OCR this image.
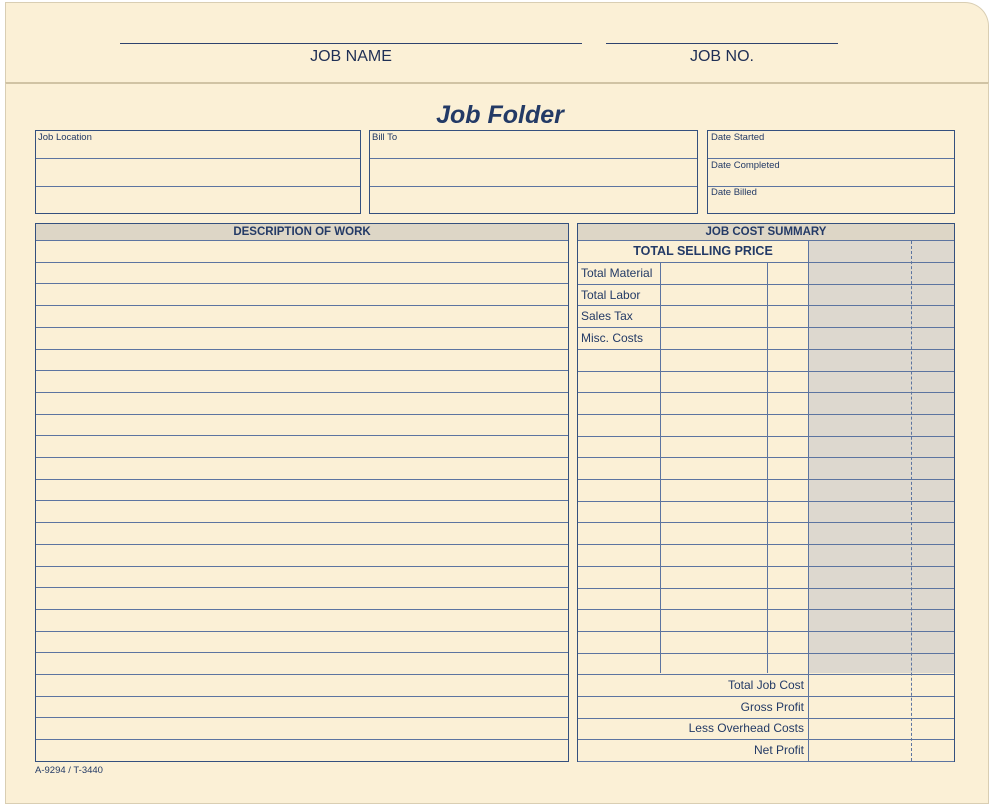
JOB NAME	JOB NO.
Job Folder
Job Location	Bill To	Date Started
Date Completed
Date Billed
DESCRIPTION OF WORK	JOB COST SUMMARY
TOTAL SELLING PRICE
Total Material
Total Labor
Sales Tax
Misc. Costs
Total Job Cost
Gross Profit
Less Overhead Costs
Net Profit
A-9294 / T-3440
